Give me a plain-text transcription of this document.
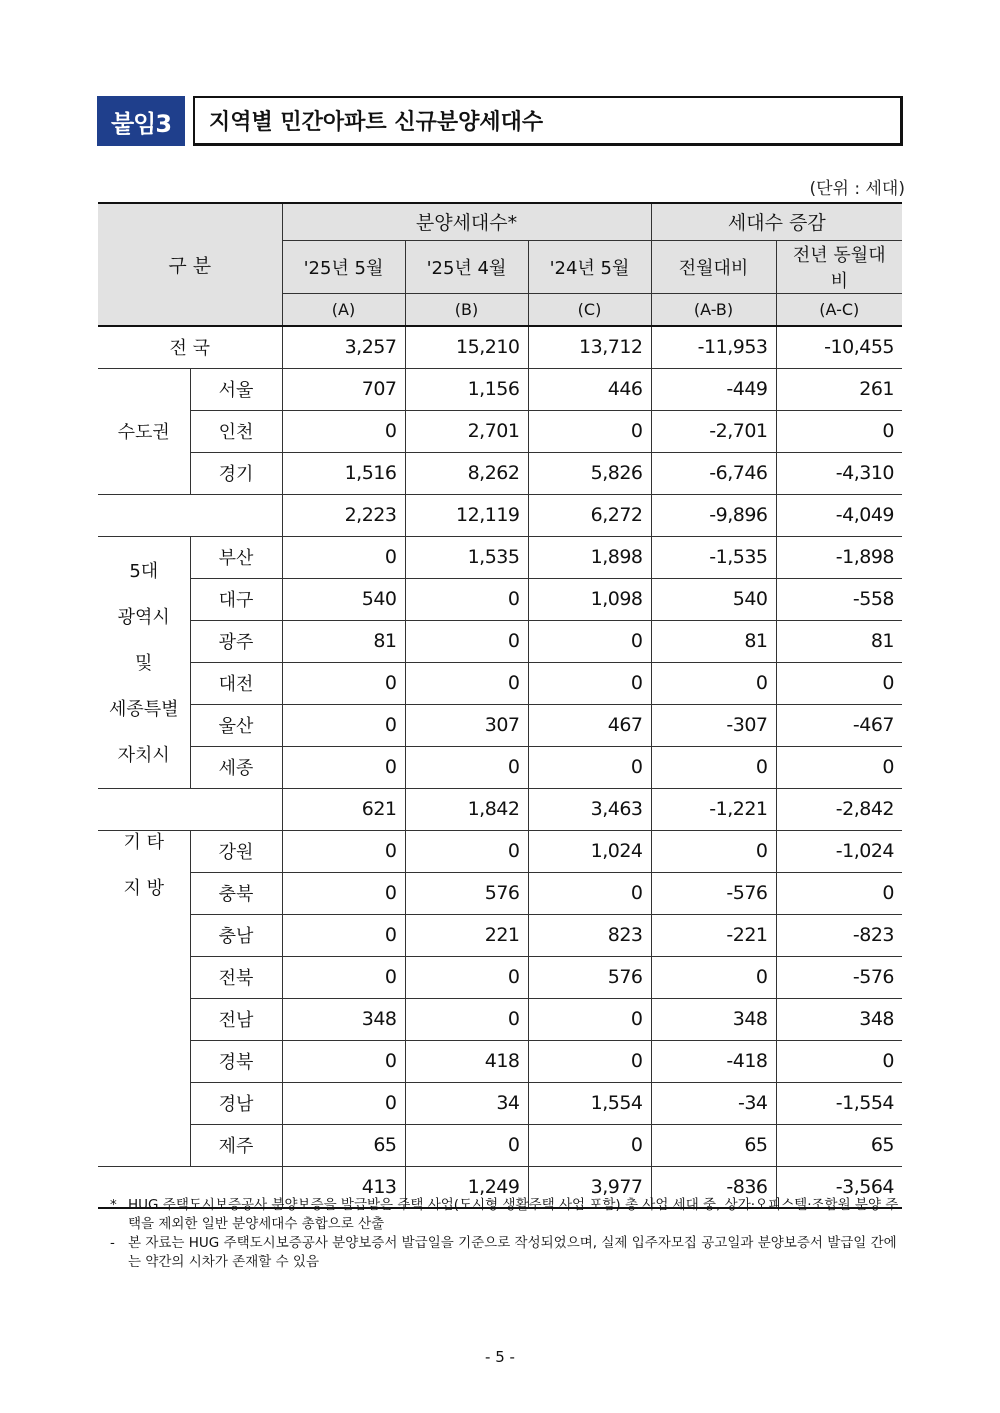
붙임3	지역별 민간아파트 신규분양세대수
(단위 : 세대)
구 분		분양세대수*			세대수 증감	
		'25년 5월	'25년 4월	'24년 5월	전월대비	전년 동월대비
		(A)	(B)	(C)	(A-B)	(A-C)
전 국		3,257	15,210	13,712	-11,953	-10,455
수도권	서울	707	1,156	446	-449	261
	인천	0	2,701	0	-2,701	0
	경기	1,516	8,262	5,826	-6,746	-4,310
		2,223	12,119	6,272	-9,896	-4,049

5대
광역시
및
세종특별
자치시	부산	0	1,535	1,898	-1,535	-1,898
	대구	540	0	1,098	540	-558
	광주	81	0	0	81	81
	대전	0	0	0	0	0
	울산	0	307	467	-307	-467
	세종	0	0	0	0	0
		621	1,842	3,463	-1,221	-2,842

기 타
지 방	강원	0	0	1,024	0	-1,024
	충북	0	576	0	-576	0
	충남	0	221	823	-221	-823
	전북	0	0	576	0	-576
	전남	348	0	0	348	348
	경북	0	418	0	-418	0
	경남	0	34	1,554	-34	-1,554
	제주	65	0	0	65	65
		413	1,249	3,977	-836	-3,564
* HUG 주택도시보증공사 분양보증을 발급받은 주택 사업(도시형 생활주택 사업 포함) 총 사업 세대 중, 상가·오피스텔·조합원 분양 주택을 제외한 일반 분양세대수 총합으로 산출
- 본 자료는 HUG 주택도시보증공사 분양보증서 발급일을 기준으로 작성되었으며, 실제 입주자모집 공고일과 분양보증서 발급일 간에는 약간의 시차가 존재할 수 있음
- 5 -
